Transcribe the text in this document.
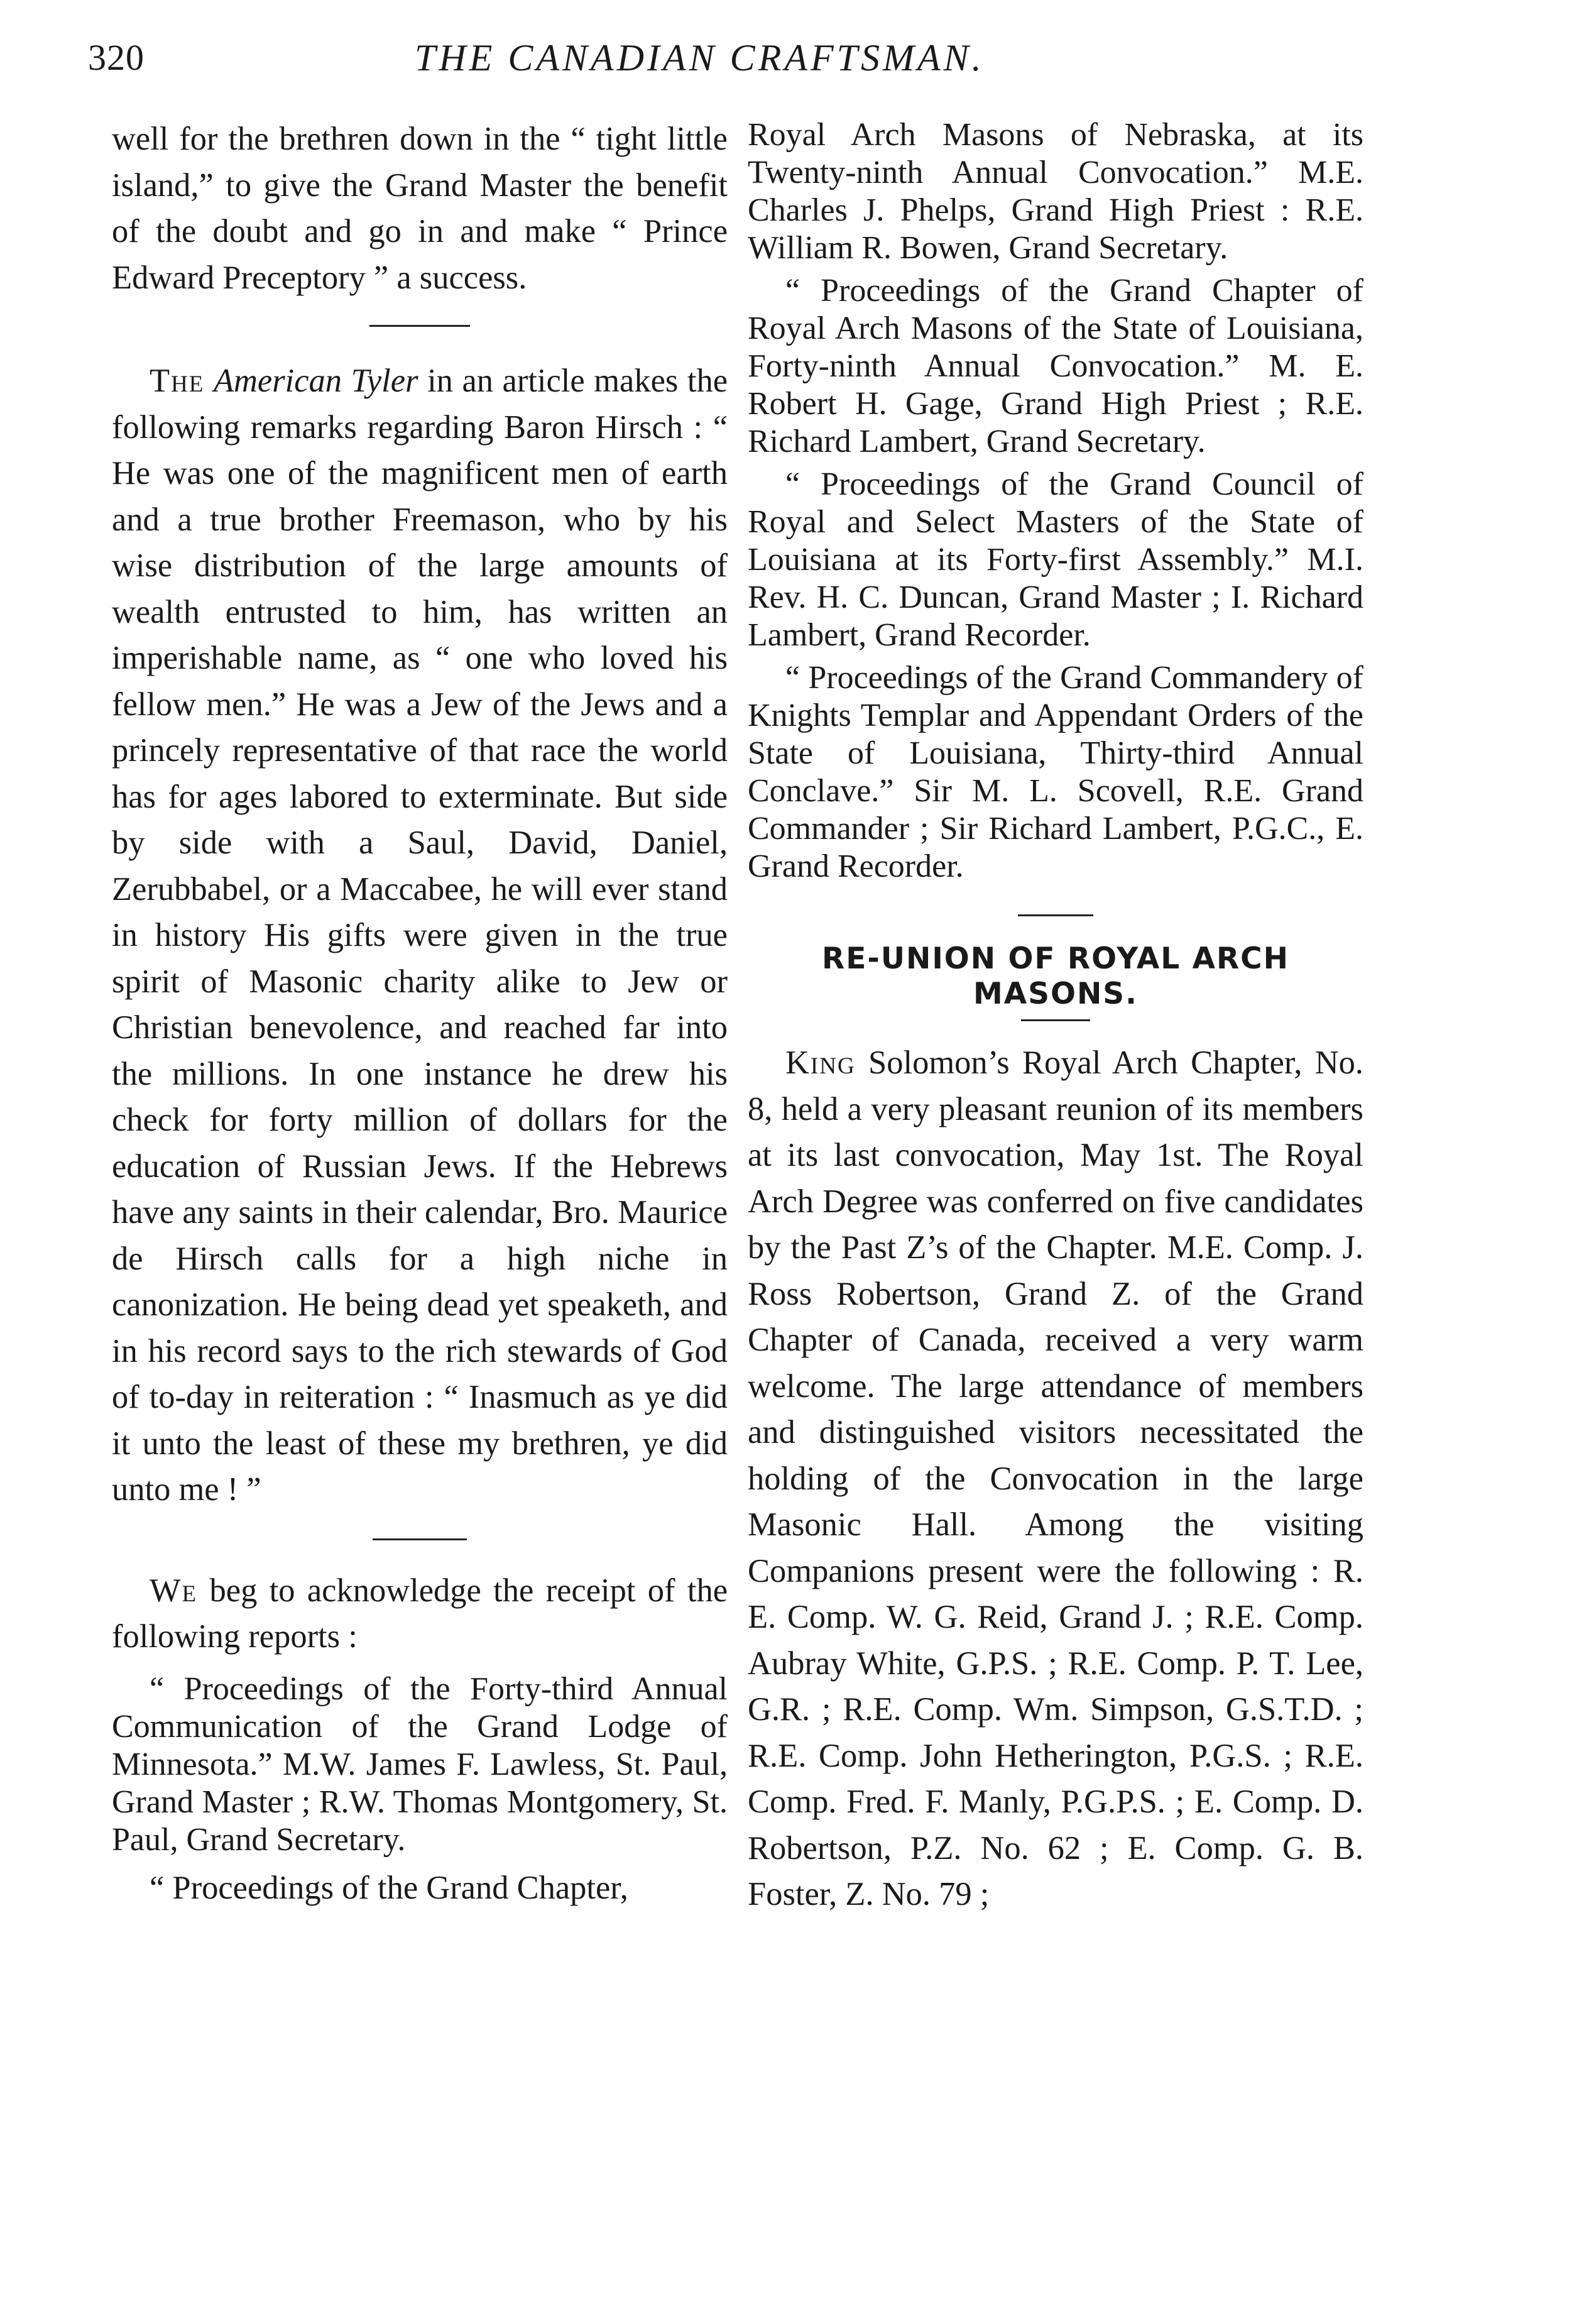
320	THE CANADIAN CRAFTSMAN.

well for the brethren down in the “ tight little island,” to give the Grand Master the benefit of the doubt and go in and make “ Prince Edward Preceptory ” a success.

The American Tyler in an article makes the following remarks regarding Baron Hirsch : “ He was one of the magnificent men of earth and a true brother Freemason, who by his wise distribution of the large amounts of wealth entrusted to him, has written an imperishable name, as “ one who loved his fellow men.” He was a Jew of the Jews and a princely representative of that race the world has for ages labored to exterminate. But side by side with a Saul, David, Daniel, Zerubbabel, or a Maccabee, he will ever stand in history His gifts were given in the true spirit of Masonic charity alike to Jew or Christian benevolence, and reached far into the millions. In one instance he drew his check for forty million of dollars for the education of Russian Jews. If the Hebrews have any saints in their calendar, Bro. Maurice de Hirsch calls for a high niche in canonization. He being dead yet speaketh, and in his record says to the rich stewards of God of to-day in reiteration : “ Inasmuch as ye did it unto the least of these my brethren, ye did unto me ! ”

We beg to acknowledge the receipt of the following reports :

“ Proceedings of the Forty-third Annual Communication of the Grand Lodge of Minnesota.” M.W. James F. Lawless, St. Paul, Grand Master ; R.W. Thomas Montgomery, St. Paul, Grand Secretary.

“ Proceedings of the Grand Chapter,

Royal Arch Masons of Nebraska, at its Twenty-ninth Annual Convocation.” M.E. Charles J. Phelps, Grand High Priest : R.E. William R. Bowen, Grand Secretary.

“ Proceedings of the Grand Chapter of Royal Arch Masons of the State of Louisiana, Forty-ninth Annual Convocation.” M. E. Robert H. Gage, Grand High Priest ; R.E. Richard Lambert, Grand Secretary.

“ Proceedings of the Grand Council of Royal and Select Masters of the State of Louisiana at its Forty-first Assembly.” M.I. Rev. H. C. Duncan, Grand Master ; I. Richard Lambert, Grand Recorder.

“ Proceedings of the Grand Commandery of Knights Templar and Appendant Orders of the State of Louisiana, Thirty-third Annual Conclave.” Sir M. L. Scovell, R.E. Grand Commander ; Sir Richard Lambert, P.G.C., E. Grand Recorder.

RE-UNION OF ROYAL ARCH

MASONS.

King Solomon’s Royal Arch Chapter, No. 8, held a very pleasant reunion of its members at its last convocation, May 1st. The Royal Arch Degree was conferred on five candidates by the Past Z’s of the Chapter. M.E. Comp. J. Ross Robertson, Grand Z. of the Grand Chapter of Canada, received a very warm welcome. The large attendance of members and distinguished visitors necessitated the holding of the Convocation in the large Masonic Hall. Among the visiting Companions present were the following : R. E. Comp. W. G. Reid, Grand J. ; R.E. Comp. Aubray White, G.P.S. ; R.E. Comp. P. T. Lee, G.R. ; R.E. Comp. Wm. Simpson, G.S.T.D. ; R.E. Comp. John Hetherington, P.G.S. ; R.E. Comp. Fred. F. Manly, P.G.P.S. ; E. Comp. D. Robertson, P.Z. No. 62 ; E. Comp. G. B. Foster, Z. No. 79 ;
